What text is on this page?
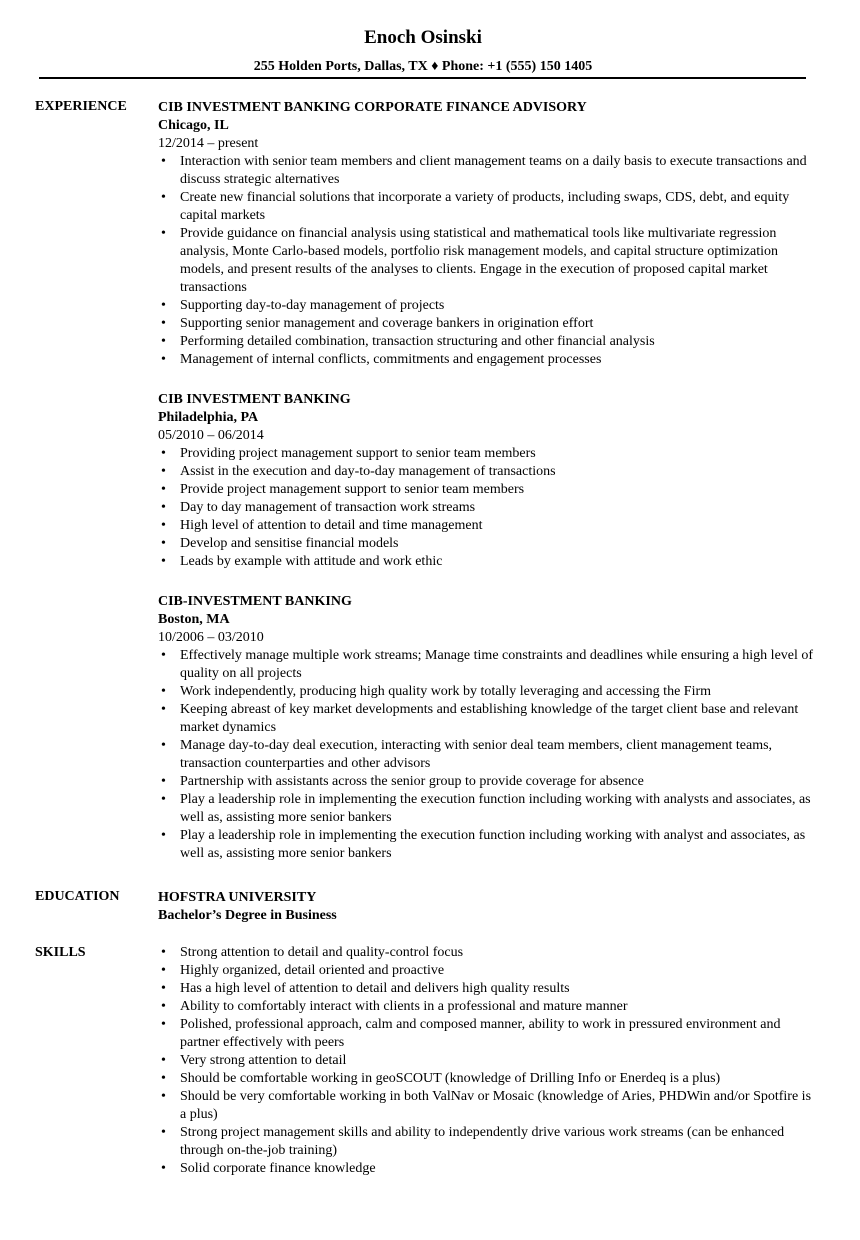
Enoch Osinski
255 Holden Ports, Dallas, TX ♦ Phone: +1 (555) 150 1405
EXPERIENCE CIB INVESTMENT BANKING CORPORATE FINANCE ADVISORY
Chicago, IL
12/2014 – present
• Interaction with senior team members and client management teams on a daily basis to execute transactions and discuss strategic alternatives
• Create new financial solutions that incorporate a variety of products, including swaps, CDS, debt, and equity capital markets
• Provide guidance on financial analysis using statistical and mathematical tools like multivariate regression analysis, Monte Carlo-based models, portfolio risk management models, and capital structure optimization models, and present results of the analyses to clients. Engage in the execution of proposed capital market transactions
• Supporting day-to-day management of projects
• Supporting senior management and coverage bankers in origination effort
• Performing detailed combination, transaction structuring and other financial analysis
• Management of internal conflicts, commitments and engagement processes
CIB INVESTMENT BANKING
Philadelphia, PA
05/2010 – 06/2014
• Providing project management support to senior team members
• Assist in the execution and day-to-day management of transactions
• Provide project management support to senior team members
• Day to day management of transaction work streams
• High level of attention to detail and time management
• Develop and sensitise financial models
• Leads by example with attitude and work ethic
CIB-INVESTMENT BANKING
Boston, MA
10/2006 – 03/2010
• Effectively manage multiple work streams; Manage time constraints and deadlines while ensuring a high level of quality on all projects
• Work independently, producing high quality work by totally leveraging and accessing the Firm
• Keeping abreast of key market developments and establishing knowledge of the target client base and relevant market dynamics
• Manage day-to-day deal execution, interacting with senior deal team members, client management teams, transaction counterparties and other advisors
• Partnership with assistants across the senior group to provide coverage for absence
• Play a leadership role in implementing the execution function including working with analysts and associates, as well as, assisting more senior bankers
• Play a leadership role in implementing the execution function including working with analyst and associates, as well as, assisting more senior bankers
EDUCATION	HOFSTRA UNIVERSITY
Bachelor’s Degree in Business
SKILLS
•	Strong attention to detail and quality-control focus
• Highly organized, detail oriented and proactive
• Has a high level of attention to detail and delivers high quality results
• Ability to comfortably interact with clients in a professional and mature manner
• Polished, professional approach, calm and composed manner, ability to work in pressured environment and partner effectively with peers
• Very strong attention to detail
• Should be comfortable working in geoSCOUT (knowledge of Drilling Info or Enerdeq is a plus)
• Should be very comfortable working in both ValNav or Mosaic (knowledge of Aries, PHDWin and/or Spotfire is a plus)
• Strong project management skills and ability to independently drive various work streams (can be enhanced through on-the-job training)
• Solid corporate finance knowledge
